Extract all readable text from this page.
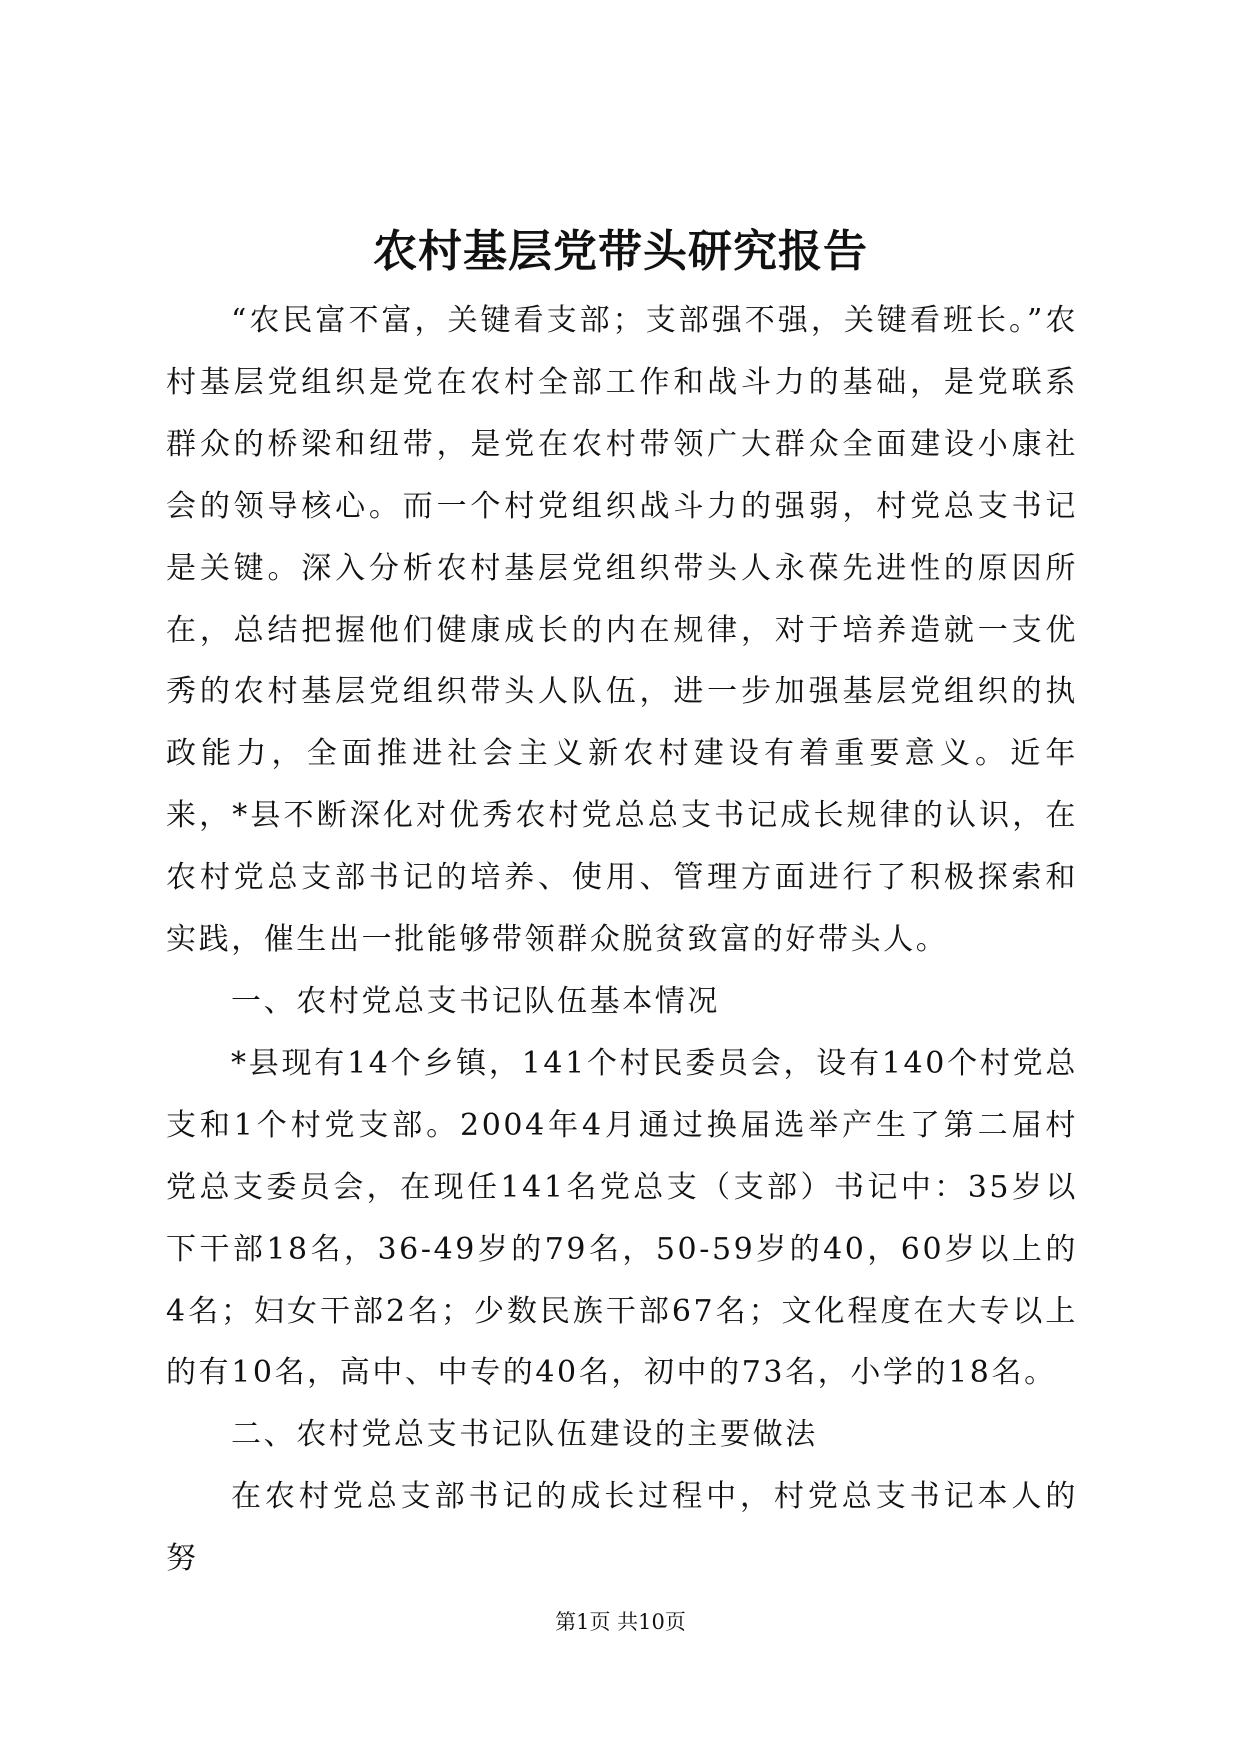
农村基层党带头研究报告

“农民富不富，关键看支部；支部强不强，关键看班长。”农村基层党组织是党在农村全部工作和战斗力的基础，是党联系群众的桥梁和纽带，是党在农村带领广大群众全面建设小康社会的领导核心。而一个村党组织战斗力的强弱，村党总支书记是关键。深入分析农村基层党组织带头人永葆先进性的原因所在，总结把握他们健康成长的内在规律，对于培养造就一支优秀的农村基层党组织带头人队伍，进一步加强基层党组织的执政能力，全面推进社会主义新农村建设有着重要意义。近年来，*县不断深化对优秀农村党总总支书记成长规律的认识，在农村党总支部书记的培养、使用、管理方面进行了积极探索和实践，催生出一批能够带领群众脱贫致富的好带头人。

一、农村党总支书记队伍基本情况

*县现有14个乡镇，141个村民委员会，设有140个村党总支和1个村党支部。2004年4月通过换届选举产生了第二届村党总支委员会，在现任141名党总支（支部）书记中：35岁以下干部18名，36-49岁的79名，50-59岁的40，60岁以上的4名；妇女干部2名；少数民族干部67名；文化程度在大专以上的有10名，高中、中专的40名，初中的73名，小学的18名。

二、农村党总支书记队伍建设的主要做法

在农村党总支部书记的成长过程中，村党总支书记本人的努

第1页 共10页
